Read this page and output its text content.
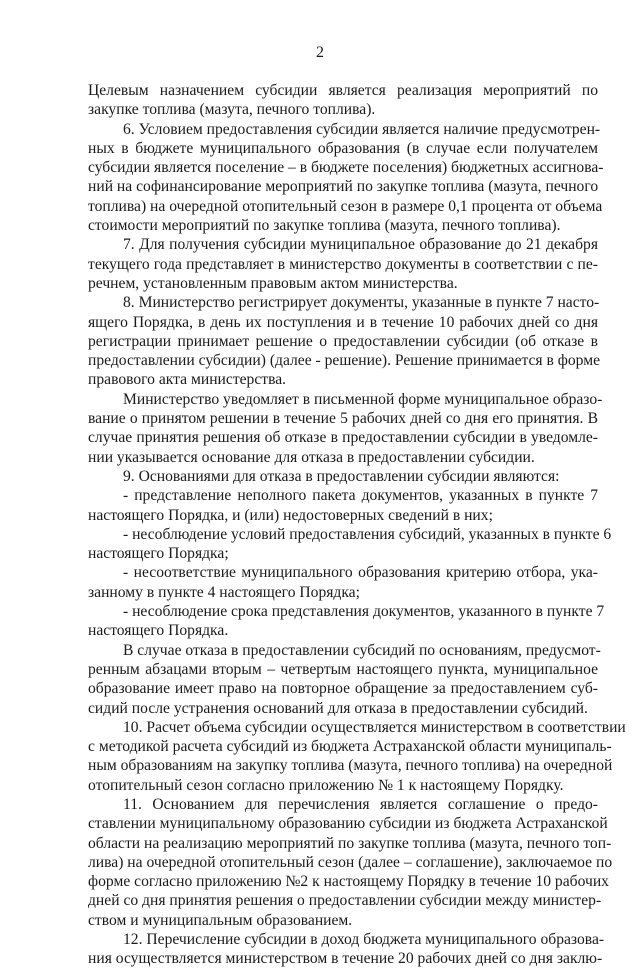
2
Целевым назначением субсидии является реализация мероприятий по
закупке топлива (мазута, печного топлива).
6. Условием предоставления субсидии является наличие предусмотрен-
ных в бюджете муниципального образования (в случае если получателем
субсидии является поселение – в бюджете поселения) бюджетных ассигнова-
ний на софинансирование мероприятий по закупке топлива (мазута, печного
топлива) на очередной отопительный сезон в размере 0,1 процента от объема
стоимости мероприятий по закупке топлива (мазута, печного топлива).
7. Для получения субсидии муниципальное образование до 21 декабря
текущего года представляет в министерство документы в соответствии с пе-
речнем, установленным правовым актом министерства.
8. Министерство регистрирует документы, указанные в пункте 7 насто-
ящего Порядка, в день их поступления и в течение 10 рабочих дней со дня
регистрации принимает решение о предоставлении субсидии (об отказе в
предоставлении субсидии) (далее - решение). Решение принимается в форме
правового акта министерства.
Министерство уведомляет в письменной форме муниципальное образо-
вание о принятом решении в течение 5 рабочих дней со дня его принятия. В
случае принятия решения об отказе в предоставлении субсидии в уведомле-
нии указывается основание для отказа в предоставлении субсидии.
9. Основаниями для отказа в предоставлении субсидии являются:
- представление неполного пакета документов, указанных в пункте 7
настоящего Порядка, и (или) недостоверных сведений в них;
- несоблюдение условий предоставления субсидий, указанных в пункте 6
настоящего Порядка;
- несоответствие муниципального образования критерию отбора, ука-
занному в пункте 4 настоящего Порядка;
- несоблюдение срока представления документов, указанного в пункте 7
настоящего Порядка.
В случае отказа в предоставлении субсидий по основаниям, предусмот-
ренным абзацами вторым – четвертым настоящего пункта, муниципальное
образование имеет право на повторное обращение за предоставлением суб-
сидий после устранения оснований для отказа в предоставлении субсидий.
10. Расчет объема субсидии осуществляется министерством в соответствии
с методикой расчета субсидий из бюджета Астраханской области муниципаль-
ным образованиям на закупку топлива (мазута, печного топлива) на очередной
отопительный сезон согласно приложению № 1 к настоящему Порядку.
11. Основанием для перечисления является соглашение о предо-
ставлении муниципальному образованию субсидии из бюджета Астраханской
области на реализацию мероприятий по закупке топлива (мазута, печного топ-
лива) на очередной отопительный сезон (далее – соглашение), заключаемое по
форме согласно приложению №2 к настоящему Порядку в течение 10 рабочих
дней со дня принятия решения о предоставлении субсидии между министер-
ством и муниципальным образованием.
12. Перечисление субсидии в доход бюджета муниципального образова-
ния осуществляется министерством в течение 20 рабочих дней со дня заклю-
